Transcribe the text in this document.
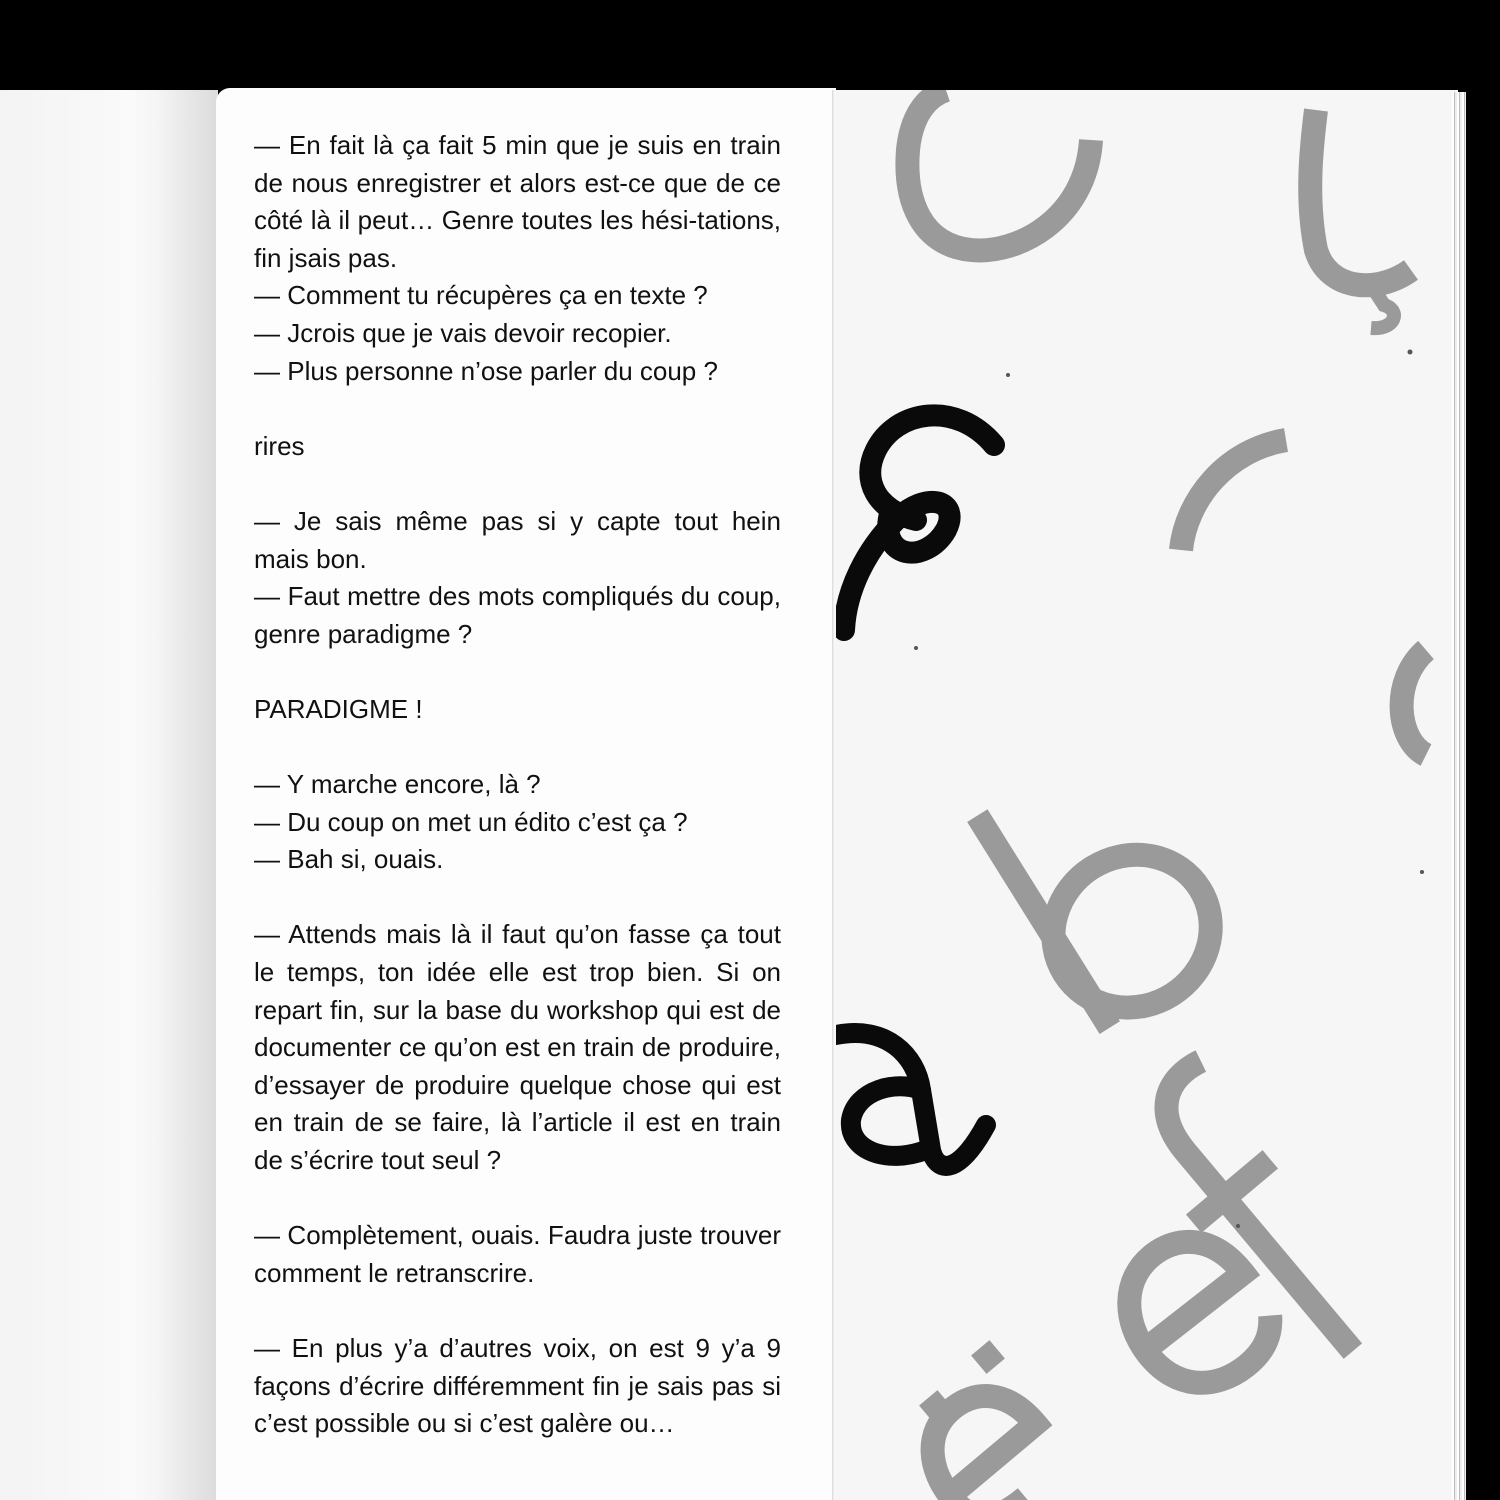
— En fait là ça fait 5 min que je suis en train de nous enregistrer et alors est-ce que de ce côté là il peut… Genre toutes les hési-tations, fin jsais pas.

— Comment tu récupères ça en texte ?

— Jcrois que je vais devoir recopier.

— Plus personne n’ose parler du coup ?

rires

— Je sais même pas si y capte tout hein mais bon.

— Faut mettre des mots compliqués du coup, genre paradigme ?

PARADIGME !

— Y marche encore, là ?

— Du coup on met un édito c’est ça ?

— Bah si, ouais.

— Attends mais là il faut qu’on fasse ça tout le temps, ton idée elle est trop bien. Si on repart fin, sur la base du workshop qui est de documenter ce qu’on est en train de produire, d’essayer de produire quelque chose qui est en train de se faire, là l’article il est en train de s’écrire tout seul ?

— Complètement, ouais. Faudra juste trouver comment le retranscrire.

— En plus y’a d’autres voix, on est 9 y’a 9 façons d’écrire différemment fin je sais pas si c’est possible ou si c’est galère ou…
